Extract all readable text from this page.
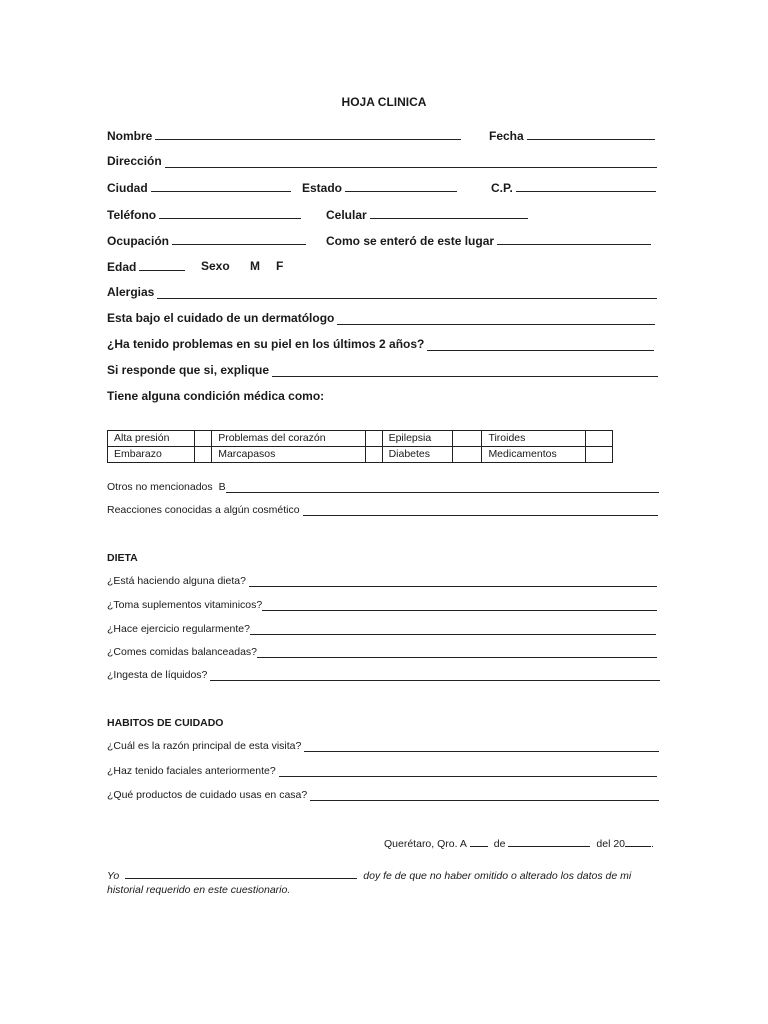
HOJA CLINICA
Nombre	Fecha
Dirección
Ciudad	Estado	C.P.
Teléfono	Celular
Ocupación	Como se enteró de este lugar
Edad	Sexo M F
Alergias
Esta bajo el cuidado de un dermatólogo
¿Ha tenido problemas en su piel en los últimos 2 años?
Si responde que si, explique
Tiene alguna condición médica como:
Alta presión		Problemas del corazón		Epilepsia		Tiroides	
Embarazo		Marcapasos		Diabetes		Medicamentos	
Otros no mencionados B
Reacciones conocidas a algún cosmético
DIETA
¿Está haciendo alguna dieta?
¿Toma suplementos vitaminicos?
¿Hace ejercicio regularmente?
¿Comes comidas balanceadas?
¿Ingesta de líquidos?
HABITOS DE CUIDADO
¿Cuál es la razón principal de esta visita?
¿Haz tenido faciales anteriormente?
¿Qué productos de cuidado usas en casa?
Querétaro, Qro. A	de	del 20 .
Yo	doy fe de que no haber omitido o alterado los datos de mi
historial requerido en este cuestionario.
